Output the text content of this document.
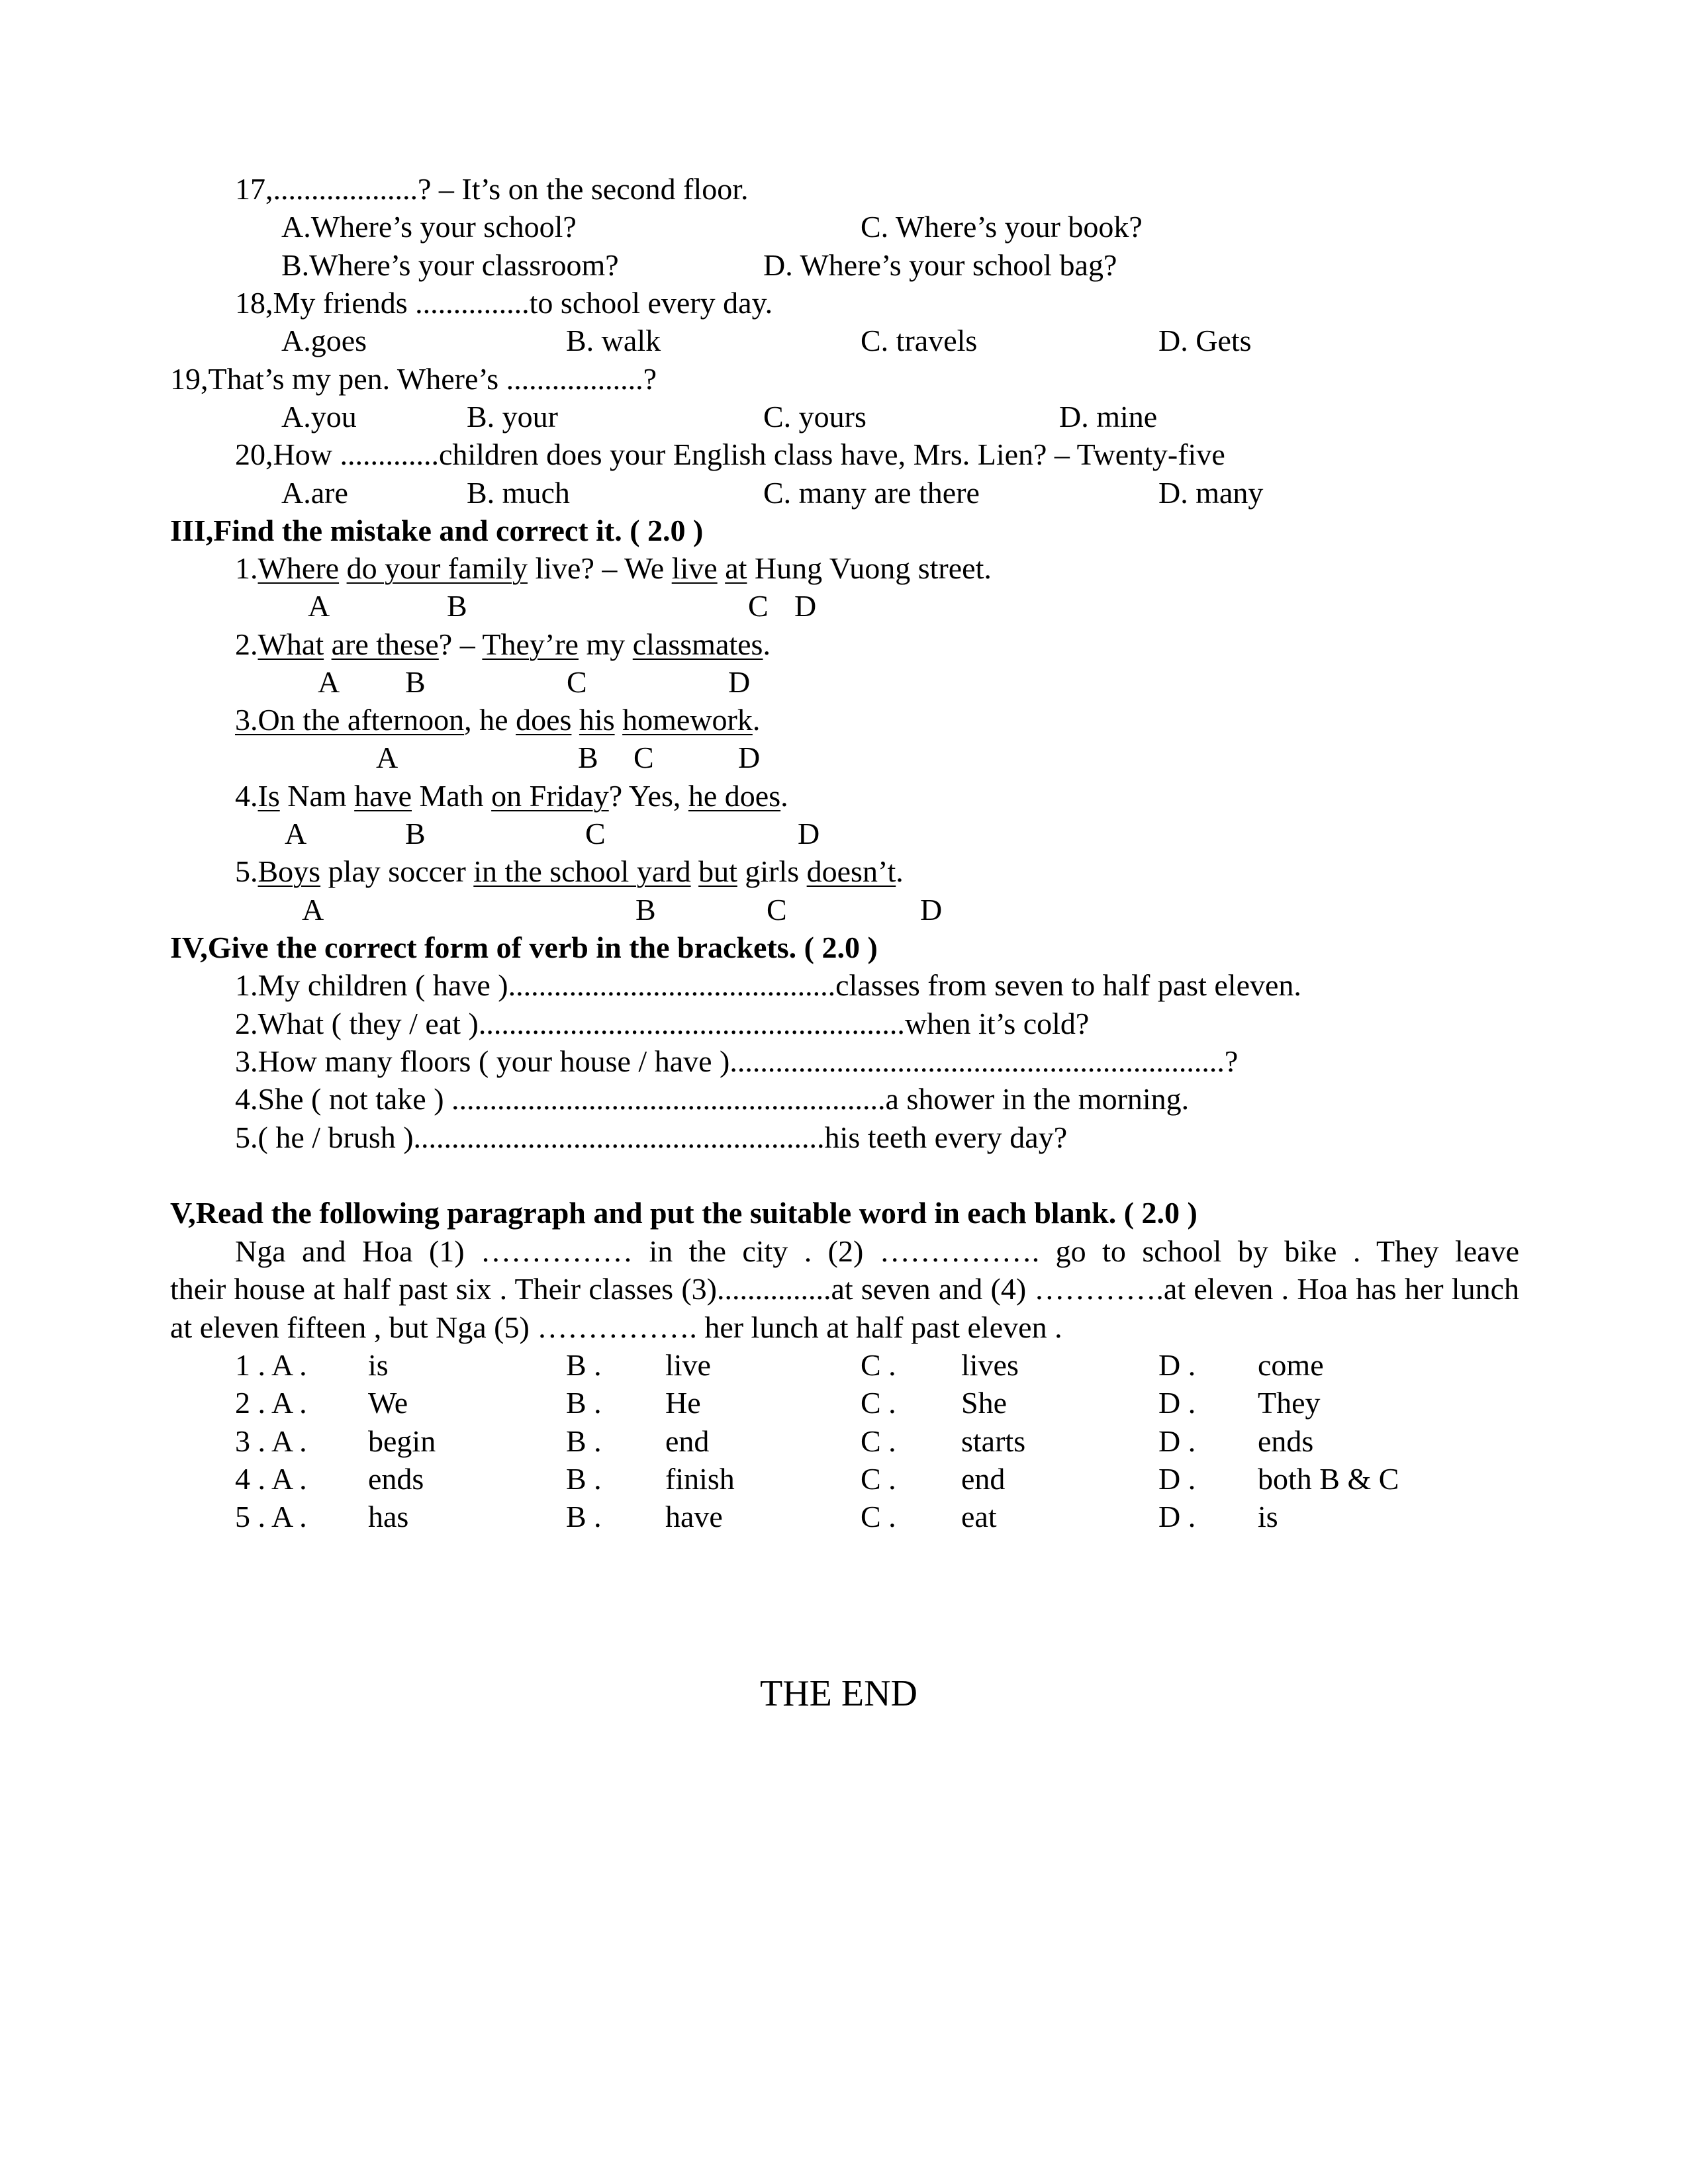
17,...................? – It’s on the second floor.
A.Where’s your school?	C. Where’s your book?
B.Where’s your classroom?	D. Where’s your school bag?
18,My friends ...............to school every day.
A.goes	B. walk	C. travels	D. Gets
19,That’s my pen. Where’s ..................?
A.you	B. your	C. yours	D. mine
20,How .............children does your English class have, Mrs. Lien? – Twenty-five
A.are	B. much	C. many are there	D. many
III,Find the mistake and correct it. ( 2.0 )
1.Where do your family live? – We live at Hung Vuong street.
A	B	C D
2.What are these? – They’re my classmates.
A B	C	D
3.On the afternoon, he does his homework.
A	B C	D
4.Is Nam have Math on Friday? Yes, he does.
A	B	C	D
5.Boys play soccer in the school yard but girls doesn’t.
A	B	C	D
IV,Give the correct form of verb in the brackets. ( 2.0 )
1.My children ( have )...........................................classes from seven to half past eleven.
2.What ( they / eat )........................................................when it’s cold?
3.How many floors ( your house / have ).................................................................?
4.She ( not take ) .........................................................a shower in the morning.
5.( he / brush )......................................................his teeth every day?
V,Read the following paragraph and put the suitable word in each blank. ( 2.0 )
Nga and Hoa (1) …………… in the city . (2) ……………. go to school by bike . They leave
their house at half past six . Their classes (3)...............at seven and (4) ………….at eleven . Hoa has her lunch at eleven fifteen , but Nga (5) ……………. her lunch at half past eleven .
1 . A . is	B . live	C . lives	D . come
2 . A . We	B . He	C . She	D . They
3 . A . begin	B . end	C . starts	D . ends
4 . A . ends	B . finish	C . end	D . both B & C
5 . A . has	B . have	C . eat	D . is
THE END
